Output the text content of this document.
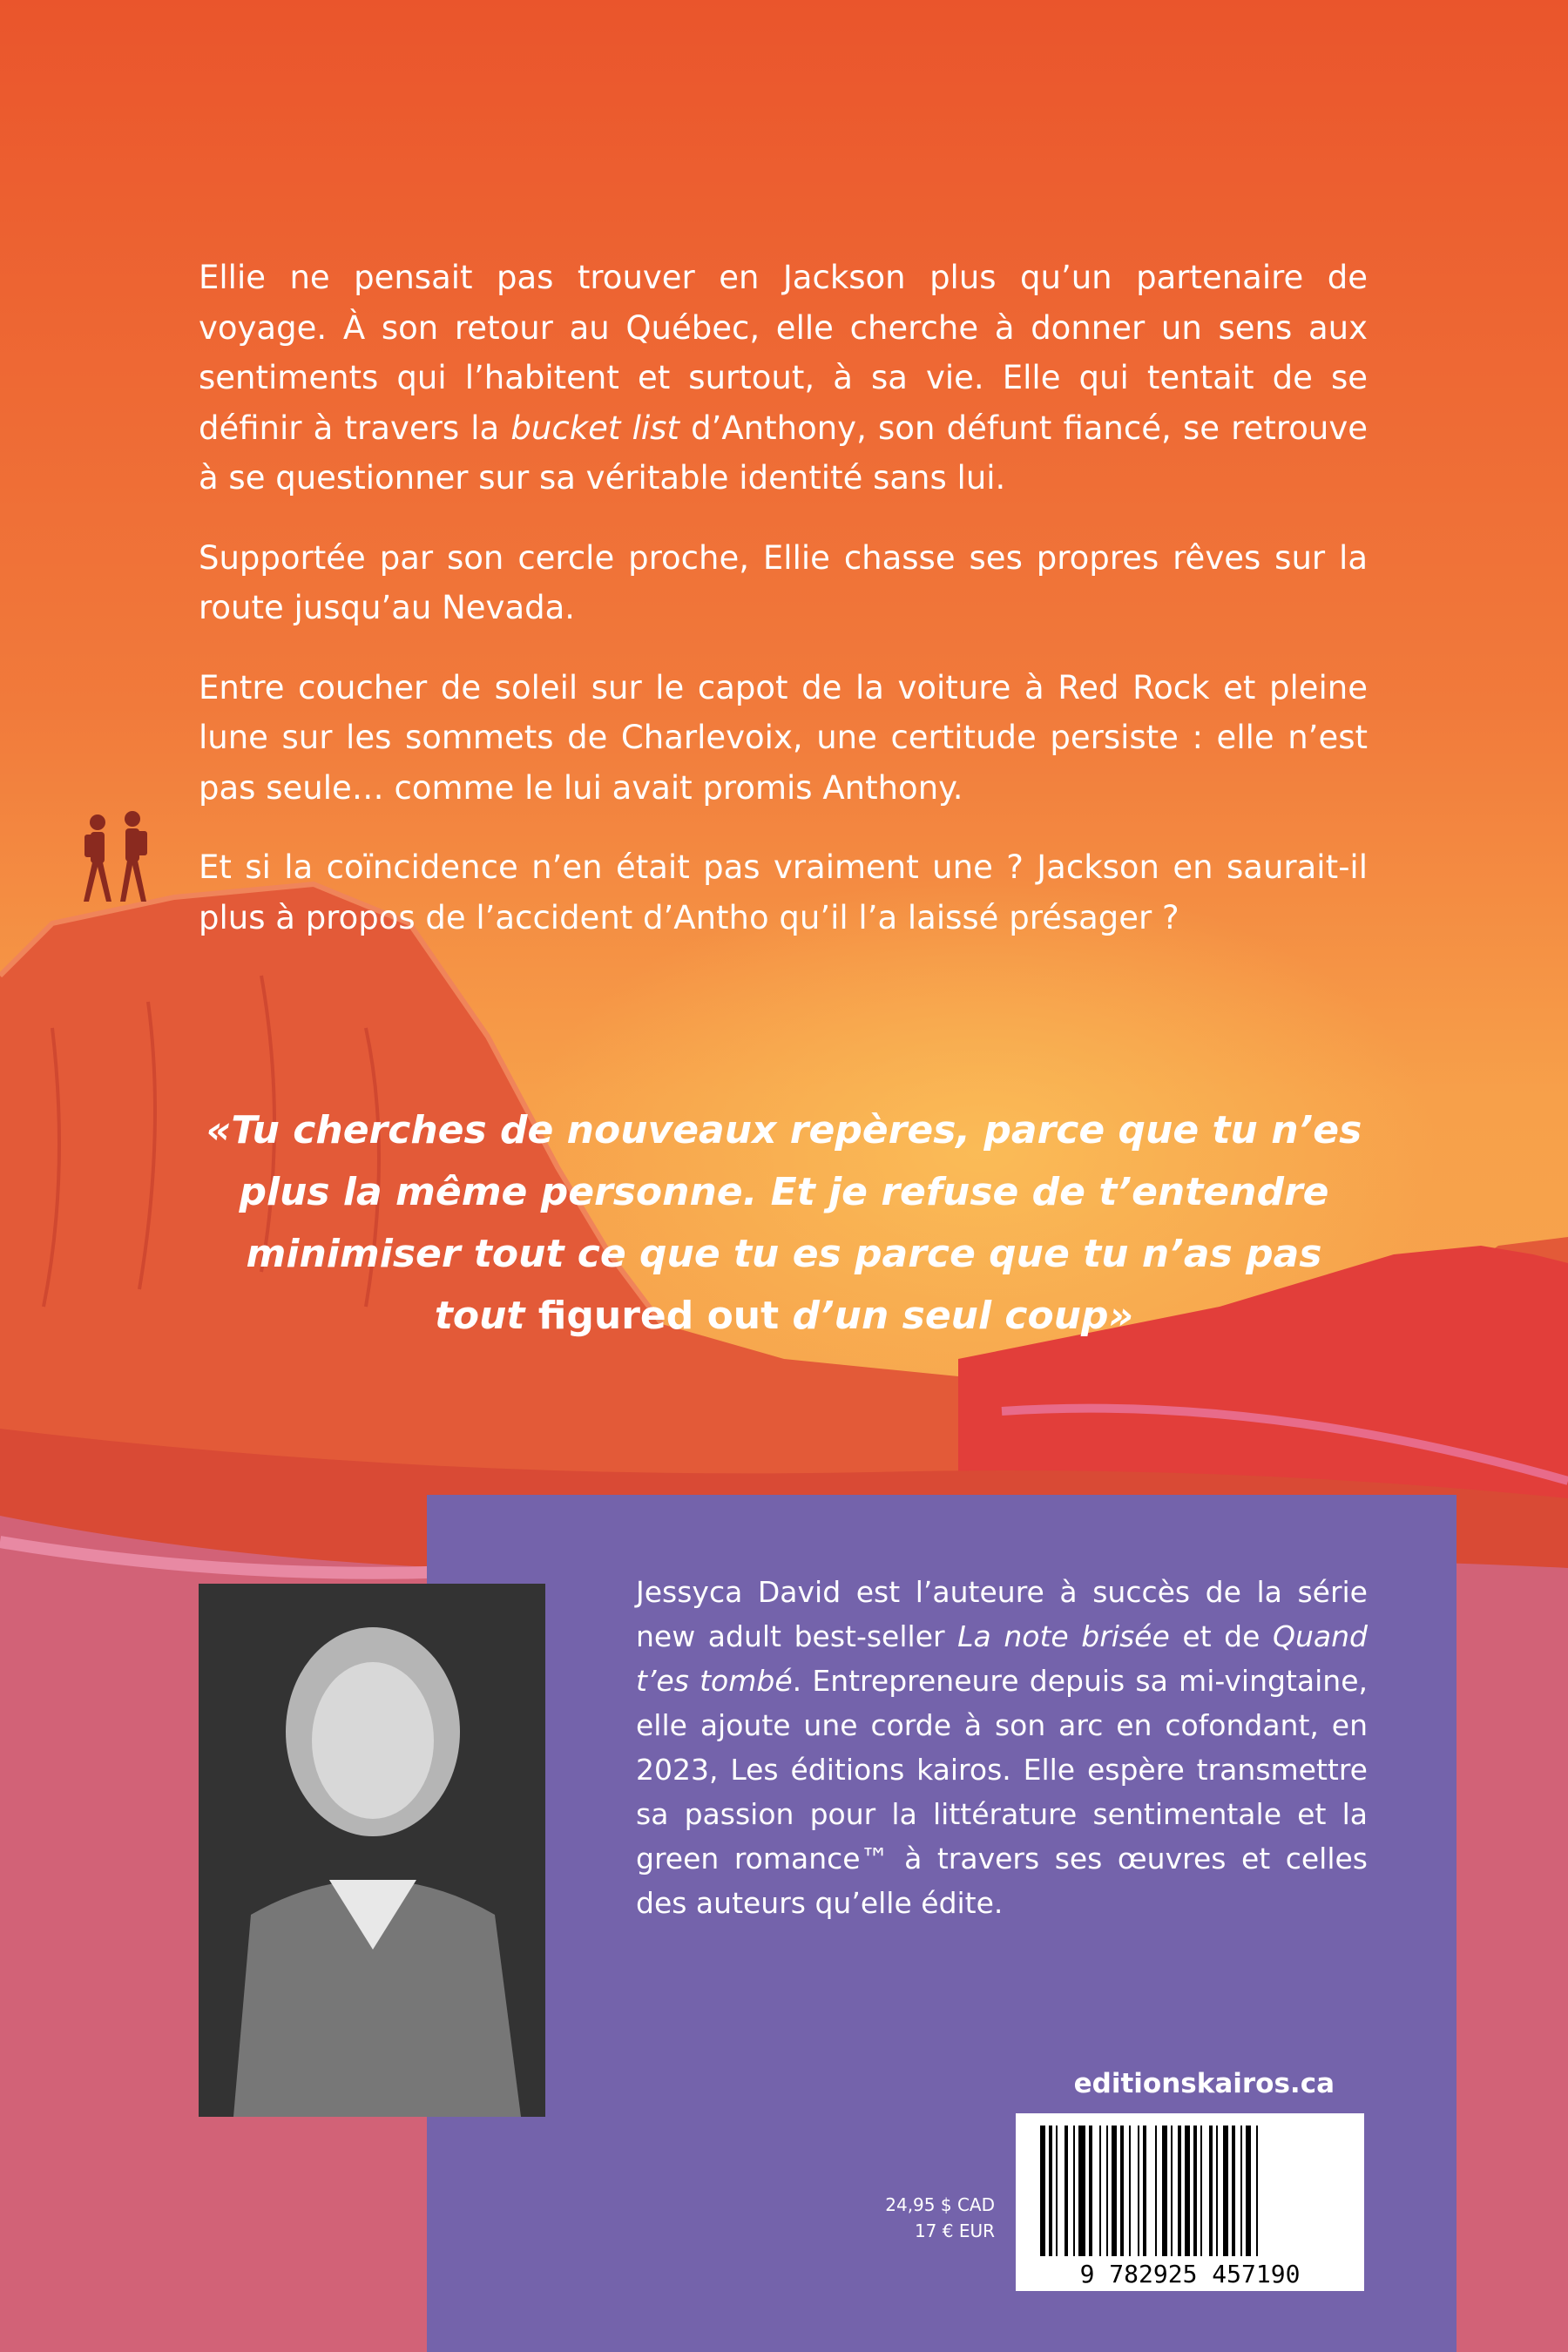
Ellie ne pensait pas trouver en Jackson plus qu’un partenaire de voyage. À son retour au Québec, elle cherche à donner un sens aux sentiments qui l’habitent et surtout, à sa vie. Elle qui tentait de se définir à travers la bucket list d’Anthony, son défunt fiancé, se retrouve à se questionner sur sa véritable identité sans lui.

Supportée par son cercle proche, Ellie chasse ses propres rêves sur la route jusqu’au Nevada.

Entre coucher de soleil sur le capot de la voiture à Red Rock et pleine lune sur les sommets de Charlevoix, une certitude persiste : elle n’est pas seule… comme le lui avait promis Anthony.

Et si la coïncidence n’en était pas vraiment une ? Jackson en saurait-il plus à propos de l’accident d’Antho qu’il l’a laissé présager ?

«Tu cherches de nouveaux repères, parce que tu n’es plus la même personne. Et je refuse de t’entendre minimiser tout ce que tu es parce que tu n’as pas tout figured out d’un seul coup»
Jessyca David est l’auteure à succès de la série new adult best-seller La note brisée et de Quand t’es tombé. Entrepreneure depuis sa mi-vingtaine, elle ajoute une corde à son arc en cofondant, en 2023, Les éditions kairos. Elle espère transmettre sa passion pour la littérature sentimentale et la green romance™ à travers ses œuvres et celles des auteurs qu’elle édite.
editionskairos.ca
9 782925 457190
24,95 $ CAD
17 € EUR
